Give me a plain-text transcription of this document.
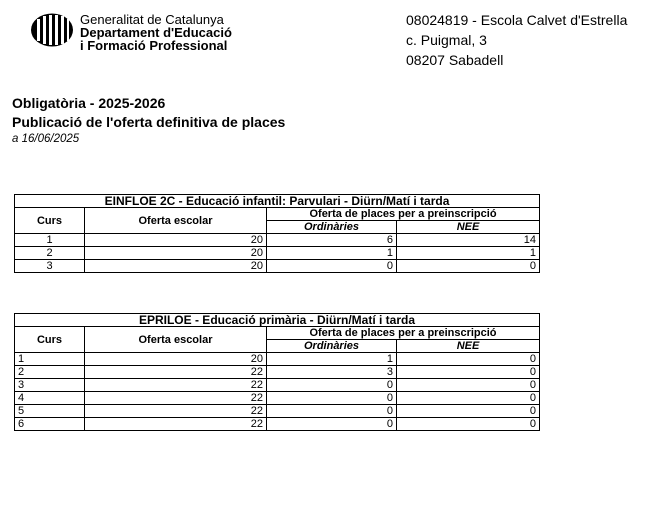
Generalitat de Catalunya
Departament d'Educació
i Formació Professional
08024819 - Escola Calvet d'Estrella
c. Puigmal, 3
08207 Sabadell
Obligatòria - 2025-2026
Publicació de l'oferta definitiva de places
a 16/06/2025
EINFLOE 2C - Educació infantil: Parvulari - Diürn/Matí i tarda			
Curs	Oferta escolar	Oferta de places per a preinscripció	
		Ordinàries	NEE
1	20	6	14
2	20	1	1
3	20	0	0
EPRILOE - Educació primària - Diürn/Matí i tarda			
Curs	Oferta escolar	Oferta de places per a preinscripció	
		Ordinàries	NEE
1	20	1	0
2	22	3	0
3	22	0	0
4	22	0	0
5	22	0	0
6	22	0	0
